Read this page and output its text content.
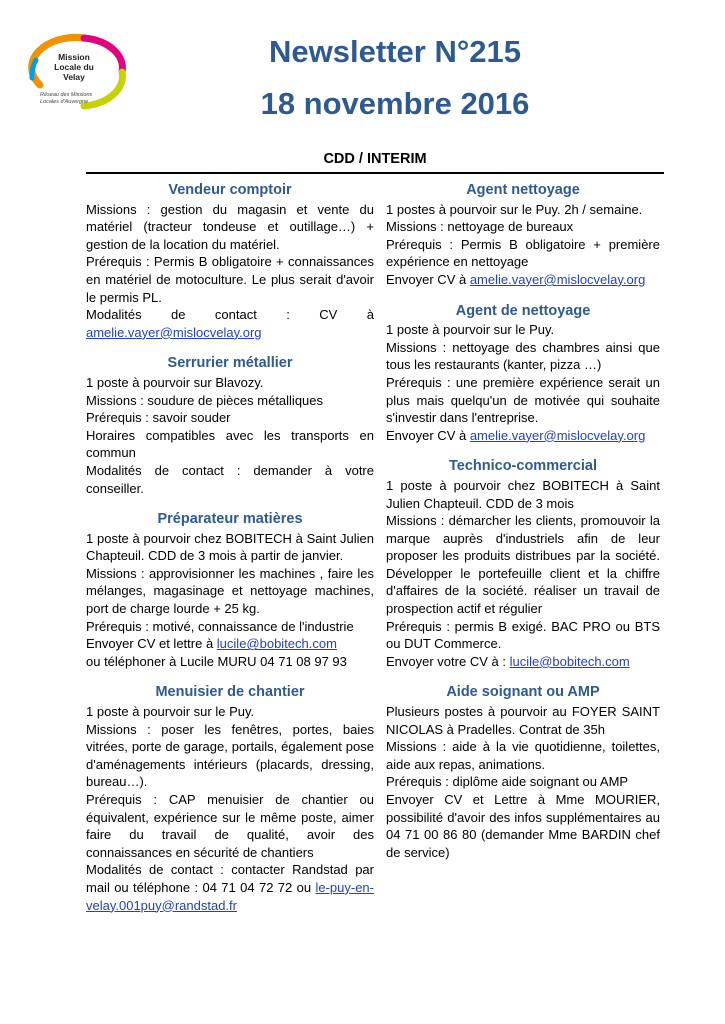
Mission Locale du Velay
Réseau des Missions Locales d'Auvergne
Newsletter N°215
18 novembre 2016
CDD / INTERIM
Vendeur comptoir

Missions : gestion du magasin et vente du matériel (tracteur tondeuse et outillage…) + gestion de la location du matériel.

Prérequis : Permis B obligatoire + connaissances en matériel de motoculture. Le plus serait d'avoir le permis PL.

Modalités de contact : CV à amelie.vayer@mislocvelay.org

Serrurier métallier

1 poste à pourvoir sur Blavozy.

Missions : soudure de pièces métalliques

Prérequis : savoir souder

Horaires compatibles avec les transports en commun

Modalités de contact : demander à votre conseiller.

Préparateur matières

1 poste à pourvoir chez BOBITECH à Saint Julien Chapteuil. CDD de 3 mois à partir de janvier.

Missions : approvisionner les machines , faire les mélanges, magasinage et nettoyage machines, port de charge lourde + 25 kg.

Prérequis : motivé, connaissance de l'industrie

Envoyer CV et lettre à lucile@bobitech.com

ou téléphoner à Lucile MURU 04 71 08 97 93

Menuisier de chantier

1 poste à pourvoir sur le Puy.

Missions : poser les fenêtres, portes, baies vitrées, porte de garage, portails, également pose d'aménagements intérieurs (placards, dressing, bureau…).

Prérequis : CAP menuisier de chantier ou équivalent, expérience sur le même poste, aimer faire du travail de qualité, avoir des connaissances en sécurité de chantiers

Modalités de contact : contacter Randstad par mail ou téléphone : 04 71 04 72 72 ou le-puy-en-velay.001puy@randstad.fr

Agent nettoyage

1 postes à pourvoir sur le Puy. 2h / semaine.

Missions : nettoyage de bureaux

Prérequis : Permis B obligatoire + première expérience en nettoyage

Envoyer CV à amelie.vayer@mislocvelay.org

Agent de nettoyage

1 poste à pourvoir sur le Puy.

Missions : nettoyage des chambres ainsi que tous les restaurants (kanter, pizza …)

Prérequis : une première expérience serait un plus mais quelqu'un de motivée qui souhaite s'investir dans l'entreprise.

Envoyer CV à amelie.vayer@mislocvelay.org

Technico-commercial

1 poste à pourvoir chez BOBITECH à Saint Julien Chapteuil. CDD de 3 mois

Missions : démarcher les clients, promouvoir la marque auprès d'industriels afin de leur proposer les produits distribues par la société. Développer le portefeuille client et la chiffre d'affaires de la société. réaliser un travail de prospection actif et régulier

Prérequis : permis B exigé. BAC PRO ou BTS ou DUT Commerce.

Envoyer votre CV à : lucile@bobitech.com

Aide soignant ou AMP

Plusieurs postes à pourvoir au FOYER SAINT NICOLAS à Pradelles. Contrat de 35h

Missions : aide à la vie quotidienne, toilettes, aide aux repas, animations.

Prérequis : diplôme aide soignant ou AMP

Envoyer CV et Lettre à Mme MOURIER, possibilité d'avoir des infos supplémentaires au 04 71 00 86 80 (demander Mme BARDIN chef de service)
